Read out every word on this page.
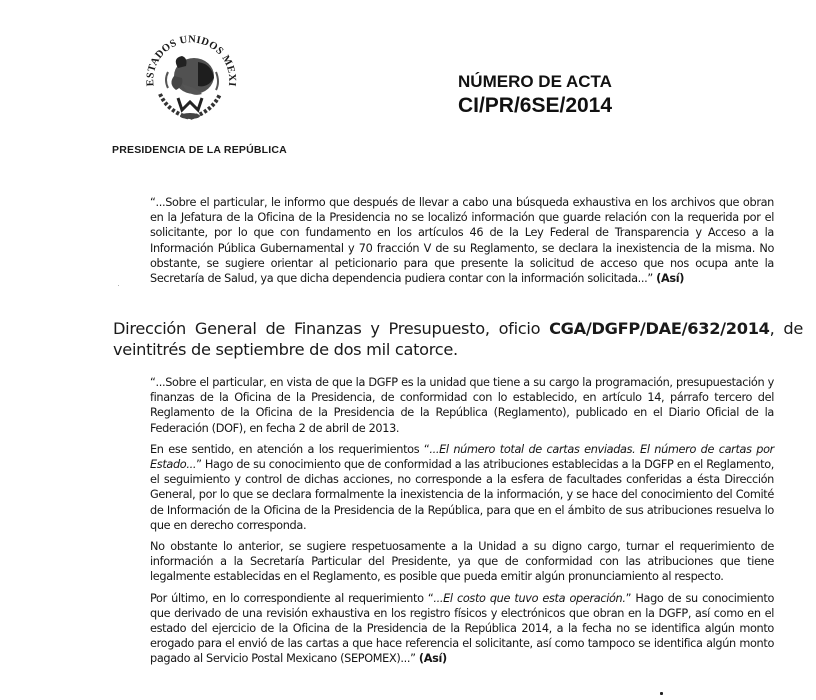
ESTADOS UNIDOS MEXI
PRESIDENCIA DE LA REPÚBLICA
NÚMERO DE ACTA
CI/PR/6SE/2014

“...Sobre el particular, le informo que después de llevar a cabo una búsqueda exhaustiva en los archivos que obran en la Jefatura de la Oficina de la Presidencia no se localizó información que guarde relación con la requerida por el solicitante, por lo que con fundamento en los artículos 46 de la Ley Federal de Transparencia y Acceso a la Información Pública Gubernamental y 70 fracción V de su Reglamento, se declara la inexistencia de la misma. No obstante, se sugiere orientar al peticionario para que presente la solicitud de acceso que nos ocupa ante la Secretaría de Salud, ya que dicha dependencia pudiera contar con la información solicitada...” (Así)

Dirección General de Finanzas y Presupuesto, oficio CGA/DGFP/DAE/632/2014, de veintitrés de septiembre de dos mil catorce.

“...Sobre el particular, en vista de que la DGFP es la unidad que tiene a su cargo la programación, presupuestación y finanzas de la Oficina de la Presidencia, de conformidad con lo establecido, en artículo 14, párrafo tercero del Reglamento de la Oficina de la Presidencia de la República (Reglamento), publicado en el Diario Oficial de la Federación (DOF), en fecha 2 de abril de 2013.

En ese sentido, en atención a los requerimientos “...El número total de cartas enviadas. El número de cartas por Estado...” Hago de su conocimiento que de conformidad a las atribuciones establecidas a la DGFP en el Reglamento, el seguimiento y control de dichas acciones, no corresponde a la esfera de facultades conferidas a ésta Dirección General, por lo que se declara formalmente la inexistencia de la información, y se hace del conocimiento del Comité de Información de la Oficina de la Presidencia de la República, para que en el ámbito de sus atribuciones resuelva lo que en derecho corresponda.

No obstante lo anterior, se sugiere respetuosamente a la Unidad a su digno cargo, turnar el requerimiento de información a la Secretaría Particular del Presidente, ya que de conformidad con las atribuciones que tiene legalmente establecidas en el Reglamento, es posible que pueda emitir algún pronunciamiento al respecto.

Por último, en lo correspondiente al requerimiento “...El costo que tuvo esta operación.” Hago de su conocimiento que derivado de una revisión exhaustiva en los registro físicos y electrónicos que obran en la DGFP, así como en el estado del ejercicio de la Oficina de la Presidencia de la República 2014, a la fecha no se identifica algún monto erogado para el envió de las cartas a que hace referencia el solicitante, así como tampoco se identifica algún monto pagado al Servicio Postal Mexicano (SEPOMEX)...” (Así)
